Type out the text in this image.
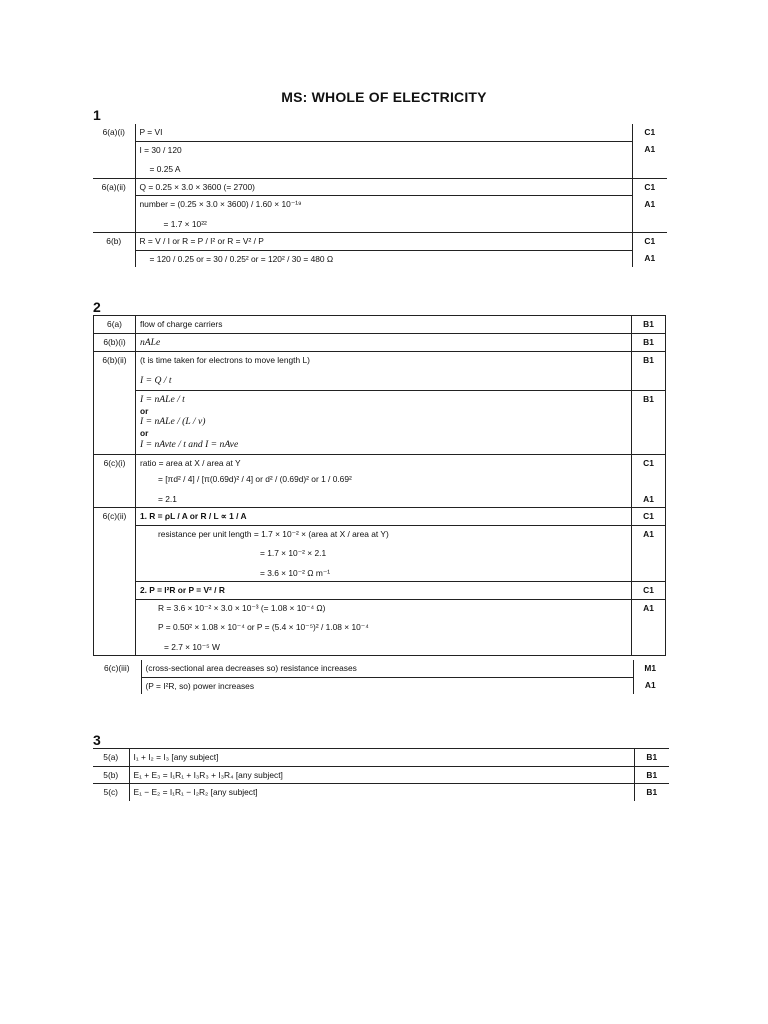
MS: WHOLE OF ELECTRICITY
1
6(a)(i)	P = VI	C1

	I = 30 / 120
= 0.25 A	A1
6(a)(ii)	Q = 0.25 × 3.0 × 3600 (= 2700)	C1

	number = (0.25 × 3.0 × 3600) / 1.60 × 10⁻¹⁹
= 1.7 × 10²²	A1
6(b)	R = V / I or R = P / I² or R = V² / P	C1

	= 120 / 0.25 or = 30 / 0.25² or = 120² / 30 = 480 Ω	A1
2
6(a)	flow of charge carriers	B1
6(b)(i)	nALe	B1
6(b)(ii)	(t is time taken for electrons to move length L)
I = Q / t	B1

	I = nALe / t
or
I = nALe / (L / v)
or
I = nAvte / t and I = nAve	B1
6(c)(i)	ratio = area at X / area at Y	C1

	= [πd² / 4] / [π(0.69d)² / 4] or d² / (0.69d)² or 1 / 0.69²
= 2.1	A1
6(c)(ii)	1. R = ρL / A or R / L ∝ 1 / A	C1

	resistance per unit length = 1.7 × 10⁻² × (area at X / area at Y)
= 1.7 × 10⁻² × 2.1
= 3.6 × 10⁻² Ω m⁻¹	A1

	2. P = I²R or P = V² / R	C1

	R = 3.6 × 10⁻² × 3.0 × 10⁻³ (= 1.08 × 10⁻⁴ Ω)
P = 0.50² × 1.08 × 10⁻⁴ or P = (5.4 × 10⁻⁵)² / 1.08 × 10⁻⁴
= 2.7 × 10⁻⁵ W	A1
6(c)(iii)	(cross-sectional area decreases so) resistance increases	M1

	(P = I²R, so) power increases	A1
3
5(a)	I₁ + I₂ = I₃ [any subject]	B1
5(b)	E₁ + E₃ = I₁R₁ + I₃R₃ + I₃R₄ [any subject]	B1
5(c)	E₁ − E₂ = I₁R₁ − I₂R₂ [any subject]	B1
